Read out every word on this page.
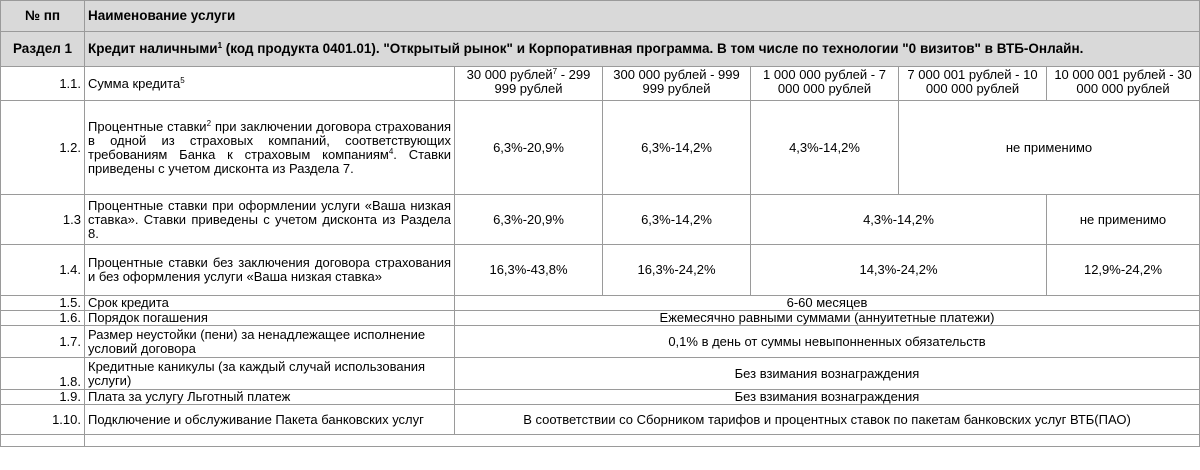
№ пп	Наименование услуги					
Раздел 1	Кредит наличными$^1$ (код продукта 0401.01). "Открытый рынок" и Корпоративная программа. В том числе по технологии "0 визитов" в ВТБ-Онлайн.					
1.1.	Сумма кредита$^5$	30 000 рублей$^7$ - 299 999 рублей	300 000 рублей - 999 999 рублей	1 000 000 рублей - 7 000 000 рублей	7 000 001 рублей - 10 000 000 рублей	10 000 001 рублей - 30 000 000 рублей
1.2.	Процентные ставки$^2$ при заключении договора страхования в одной из страховых компаний, соответствующих требованиям Банка к страховым компаниям$^4$. Ставки приведены с учетом дисконта из Раздела 7.	6,3%-20,9%	6,3%-14,2%	4,3%-14,2%	не применимо	
1.3	Процентные ставки при оформлении услуги «Ваша низкая ставка». Ставки приведены с учетом дисконта из Раздела 8.	6,3%-20,9%	6,3%-14,2%	4,3%-14,2%		не применимо
1.4.	Процентные ставки без заключения договора страхования и без оформления услуги «Ваша низкая ставка»	16,3%-43,8%	16,3%-24,2%	14,3%-24,2%		12,9%-24,2%
1.5.	Срок кредита	6-60 месяцев				
1.6.	Порядок погашения	Ежемесячно равными суммами (аннуитетные платежи)				
1.7.	Размер неустойки (пени) за ненадлежащее исполнение условий договора	0,1% в день от суммы невыпонненных обязательств				
1.8.	Кредитные каникулы (за каждый случай использования услуги)	Без взимания вознаграждения				
1.9.	Плата за услугу Льготный платеж	Без взимания вознаграждения				
1.10.	Подключение и обслуживание Пакета банковских услуг	В соответствии со Сборником тарифов и процентных ставок по пакетам банковских услуг ВТБ(ПАО)				
